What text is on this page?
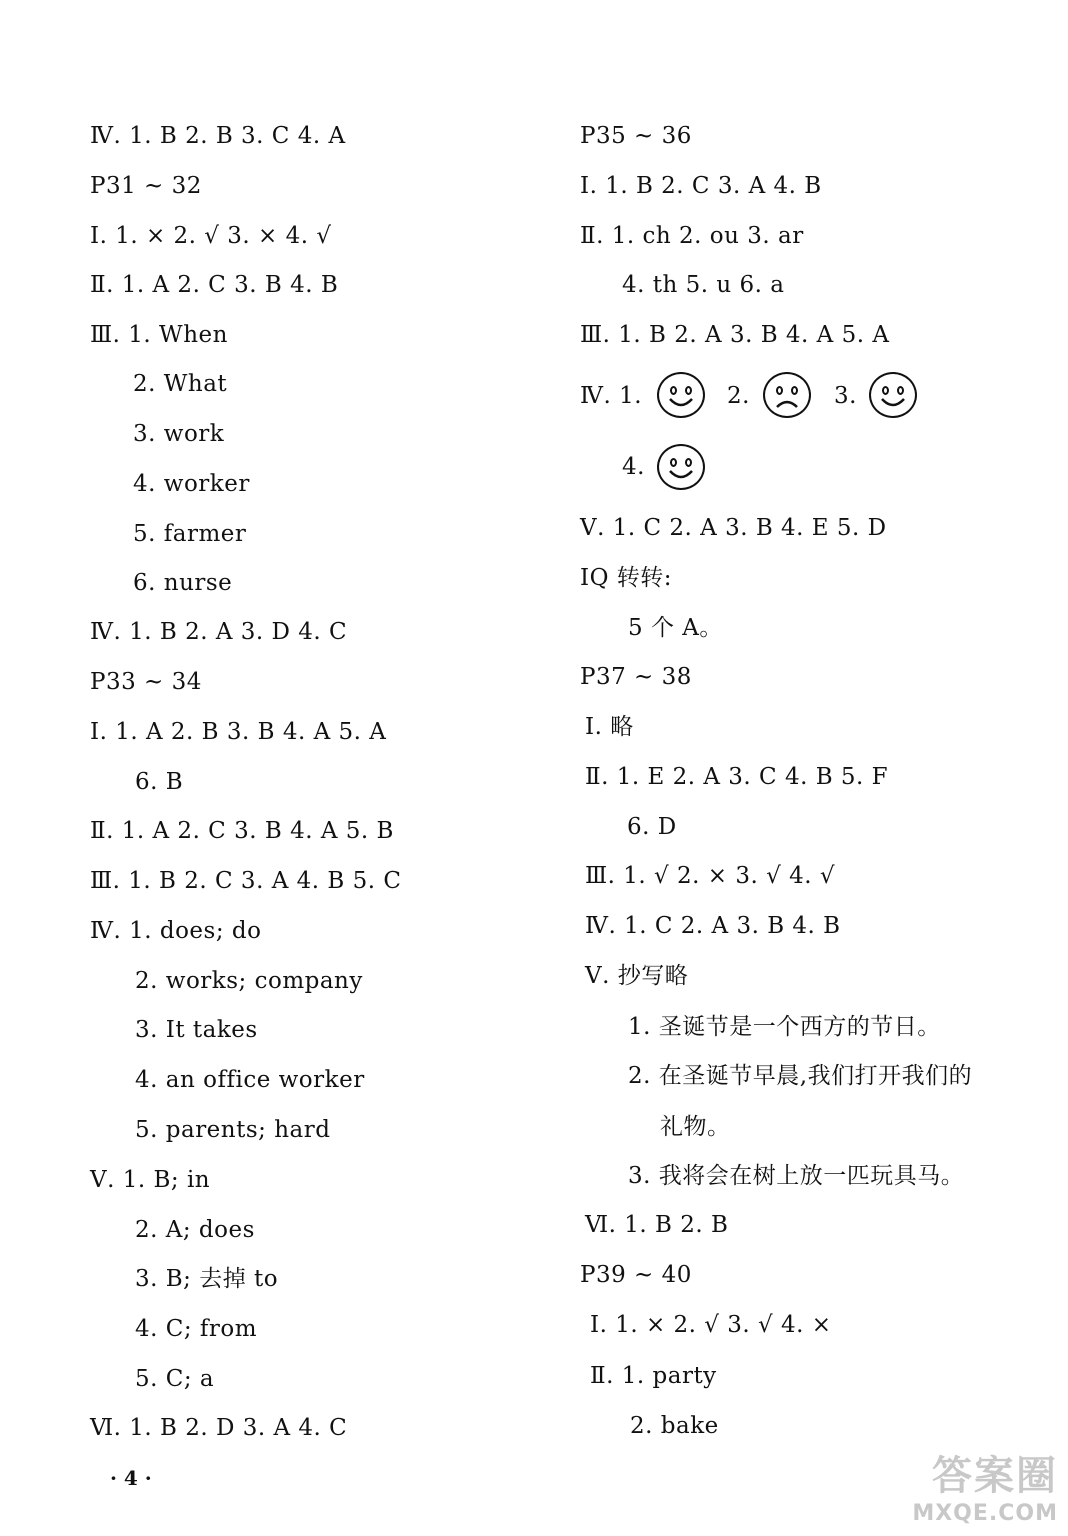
Ⅳ. 1. B 2. B 3. C 4. A
P31 ~ 32
Ⅰ. 1. × 2. √ 3. × 4. √
Ⅱ. 1. A 2. C 3. B 4. B
Ⅲ. 1. When
2. What
3. work
4. worker
5. farmer
6. nurse
Ⅳ. 1. B 2. A 3. D 4. C
P33 ~ 34
Ⅰ. 1. A 2. B 3. B 4. A 5. A
6. B
Ⅱ. 1. A 2. C 3. B 4. A 5. B
Ⅲ. 1. B 2. C 3. A 4. B 5. C
Ⅳ. 1. does; do
2. works; company
3. It takes
4. an office worker
5. parents; hard
Ⅴ. 1. B; in
2. A; does
3. B; 去掉 to
4. C; from
5. C; a
Ⅵ. 1. B 2. D 3. A 4. C
P35 ~ 36
Ⅰ. 1. B 2. C 3. A 4. B
Ⅱ. 1. ch 2. ou 3. ar
4. th 5. u 6. a
Ⅲ. 1. B 2. A 3. B 4. A 5. A
Ⅳ. 1.	2.	3.
4.
Ⅴ. 1. C 2. A 3. B 4. E 5. D
IQ 转转:
5 个 A。
P37 ~ 38
Ⅰ. 略
Ⅱ. 1. E 2. A 3. C 4. B 5. F
6. D
Ⅲ. 1. √ 2. × 3. √ 4. √
Ⅳ. 1. C 2. A 3. B 4. B
Ⅴ. 抄写略
1. 圣诞节是一个西方的节日。
2. 在圣诞节早晨,我们打开我们的
礼物。
3. 我将会在树上放一匹玩具马。
Ⅵ. 1. B 2. B
P39 ~ 40
Ⅰ. 1. × 2. √ 3. √ 4. ×
Ⅱ. 1. party
2. bake
· 4 ·	答案圈
MXQE.COM
